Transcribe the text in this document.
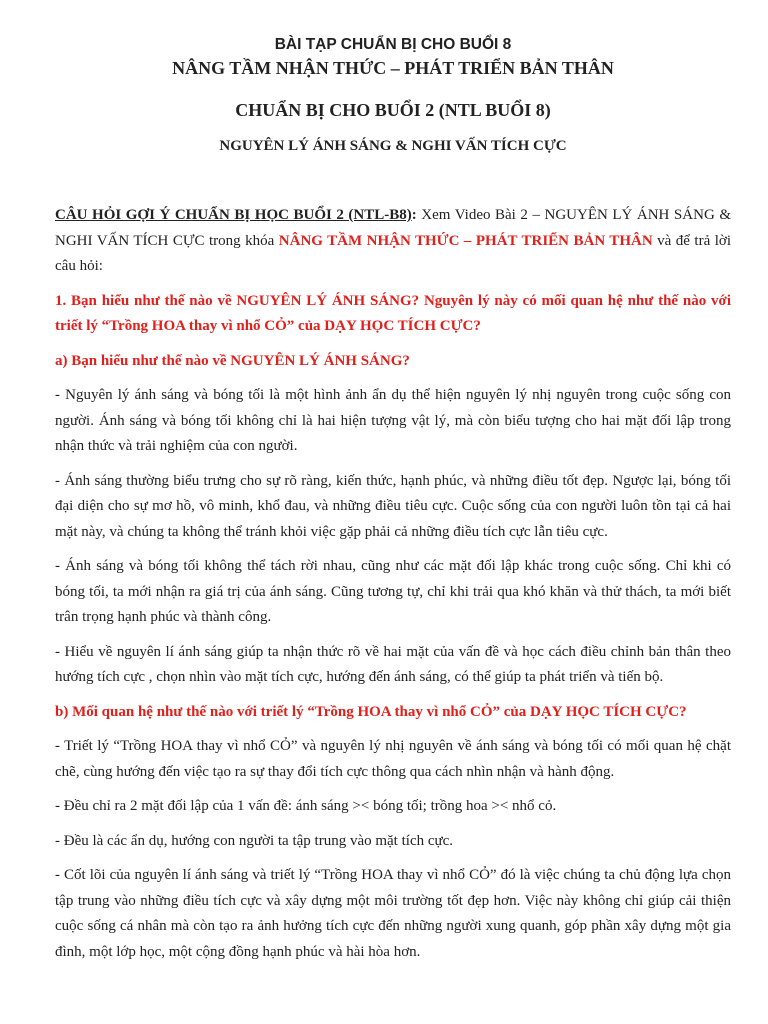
BÀI TẠP CHUẨN BỊ CHO BUỔI 8
NÂNG TẦM NHẬN THỨC – PHÁT TRIỂN BẢN THÂN
CHUẨN BỊ CHO BUỔI 2 (NTL BUỔI 8)
NGUYÊN LÝ ÁNH SÁNG & NGHI VẤN TÍCH CỰC

CÂU HỎI GỢI Ý CHUẨN BỊ HỌC BUỔI 2 (NTL-B8): Xem Video Bài 2 – NGUYÊN LÝ ÁNH SÁNG & NGHI VẤN TÍCH CỰC trong khóa NÂNG TẦM NHẬN THỨC – PHÁT TRIỂN BẢN THÂN và để trả lời câu hỏi:

1. Bạn hiểu như thế nào về NGUYÊN LÝ ÁNH SÁNG? Nguyên lý này có mối quan hệ như thế nào với triết lý “Trồng HOA thay vì nhổ CỎ” của DẠY HỌC TÍCH CỰC?

a) Bạn hiểu như thế nào về NGUYÊN LÝ ÁNH SÁNG?

- Nguyên lý ánh sáng và bóng tối là một hình ảnh ẩn dụ thể hiện nguyên lý nhị nguyên trong cuộc sống con người. Ánh sáng và bóng tối không chỉ là hai hiện tượng vật lý, mà còn biểu tượng cho hai mặt đối lập trong nhận thức và trải nghiệm của con người.

- Ánh sáng thường biểu trưng cho sự rõ ràng, kiến thức, hạnh phúc, và những điều tốt đẹp. Ngược lại, bóng tối đại diện cho sự mơ hồ, vô minh, khổ đau, và những điều tiêu cực. Cuộc sống của con người luôn tồn tại cả hai mặt này, và chúng ta không thể tránh khỏi việc gặp phải cả những điều tích cực lẫn tiêu cực.

- Ánh sáng và bóng tối không thể tách rời nhau, cũng như các mặt đối lập khác trong cuộc sống. Chỉ khi có bóng tối, ta mới nhận ra giá trị của ánh sáng. Cũng tương tự, chỉ khi trải qua khó khăn và thử thách, ta mới biết trân trọng hạnh phúc và thành công.

- Hiểu về nguyên lí ánh sáng giúp ta nhận thức rõ về hai mặt của vấn đề và học cách điều chỉnh bản thân theo hướng tích cực , chọn nhìn vào mặt tích cực, hướng đến ánh sáng, có thể giúp ta phát triển và tiến bộ.

b) Mối quan hệ như thế nào với triết lý “Trồng HOA thay vì nhổ CỎ” của DẠY HỌC TÍCH CỰC?

- Triết lý “Trồng HOA thay vì nhổ CỎ” và nguyên lý nhị nguyên về ánh sáng và bóng tối có mối quan hệ chặt chẽ, cùng hướng đến việc tạo ra sự thay đổi tích cực thông qua cách nhìn nhận và hành động.

- Đều chỉ ra 2 mặt đối lập của 1 vấn đề: ánh sáng >< bóng tối; trồng hoa >< nhổ cỏ.

- Đều là các ẩn dụ, hướng con người ta tập trung vào mặt tích cực.

- Cốt lõi của nguyên lí ánh sáng và triết lý “Trồng HOA thay vì nhổ CỎ” đó là việc chúng ta chủ động lựa chọn tập trung vào những điều tích cực và xây dựng một môi trường tốt đẹp hơn. Việc này không chỉ giúp cải thiện cuộc sống cá nhân mà còn tạo ra ảnh hưởng tích cực đến những người xung quanh, góp phần xây dựng một gia đình, một lớp học, một cộng đồng hạnh phúc và hài hòa hơn.
